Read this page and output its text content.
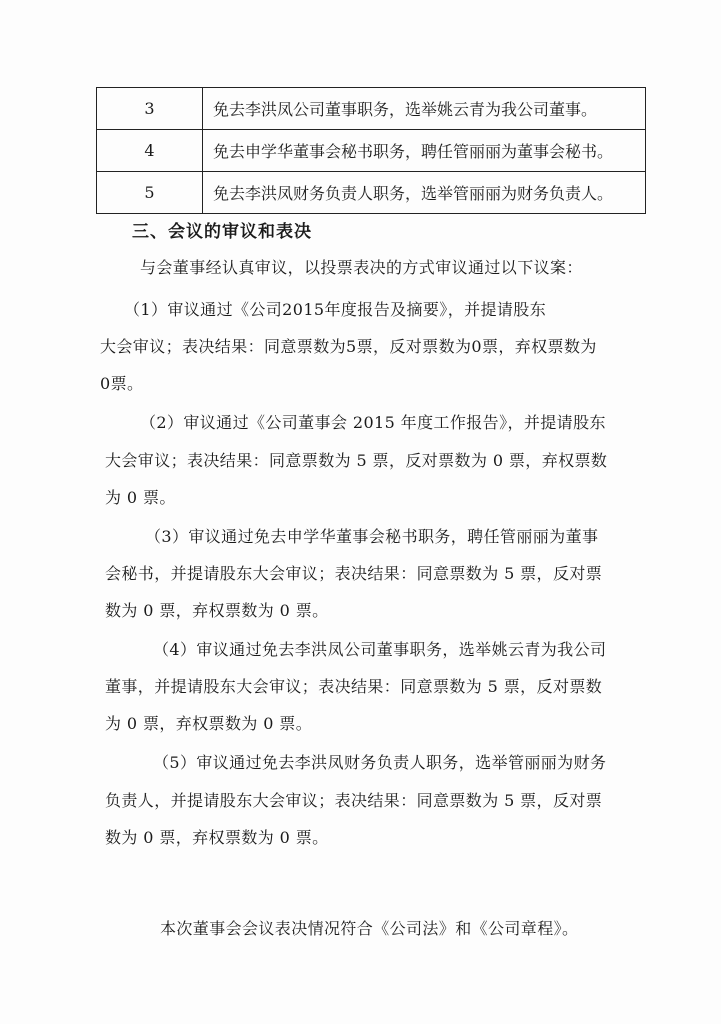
3	免去李洪凤公司董事职务，选举姚云青为我公司董事。
4	免去申学华董事会秘书职务，聘任管丽丽为董事会秘书。
5	免去李洪凤财务负责人职务，选举管丽丽为财务负责人。
三、会议的审议和表决
与会董事经认真审议，以投票表决的方式审议通过以下议案：
（1）审议通过《公司2015年度报告及摘要》，并提请股东
大会审议；表决结果：同意票数为5票，反对票数为0票，弃权票数为
0票。
（2）审议通过《公司董事会 2015 年度工作报告》，并提请股东
大会审议；表决结果：同意票数为 5 票，反对票数为 0 票，弃权票数
为 0 票。
（3）审议通过免去申学华董事会秘书职务，聘任管丽丽为董事
会秘书，并提请股东大会审议；表决结果：同意票数为 5 票，反对票
数为 0 票，弃权票数为 0 票。
（4）审议通过免去李洪凤公司董事职务，选举姚云青为我公司
董事，并提请股东大会审议；表决结果：同意票数为 5 票，反对票数
为 0 票，弃权票数为 0 票。
（5）审议通过免去李洪凤财务负责人职务，选举管丽丽为财务
负责人，并提请股东大会审议；表决结果：同意票数为 5 票，反对票
数为 0 票，弃权票数为 0 票。
本次董事会会议表决情况符合《公司法》和《公司章程》。
